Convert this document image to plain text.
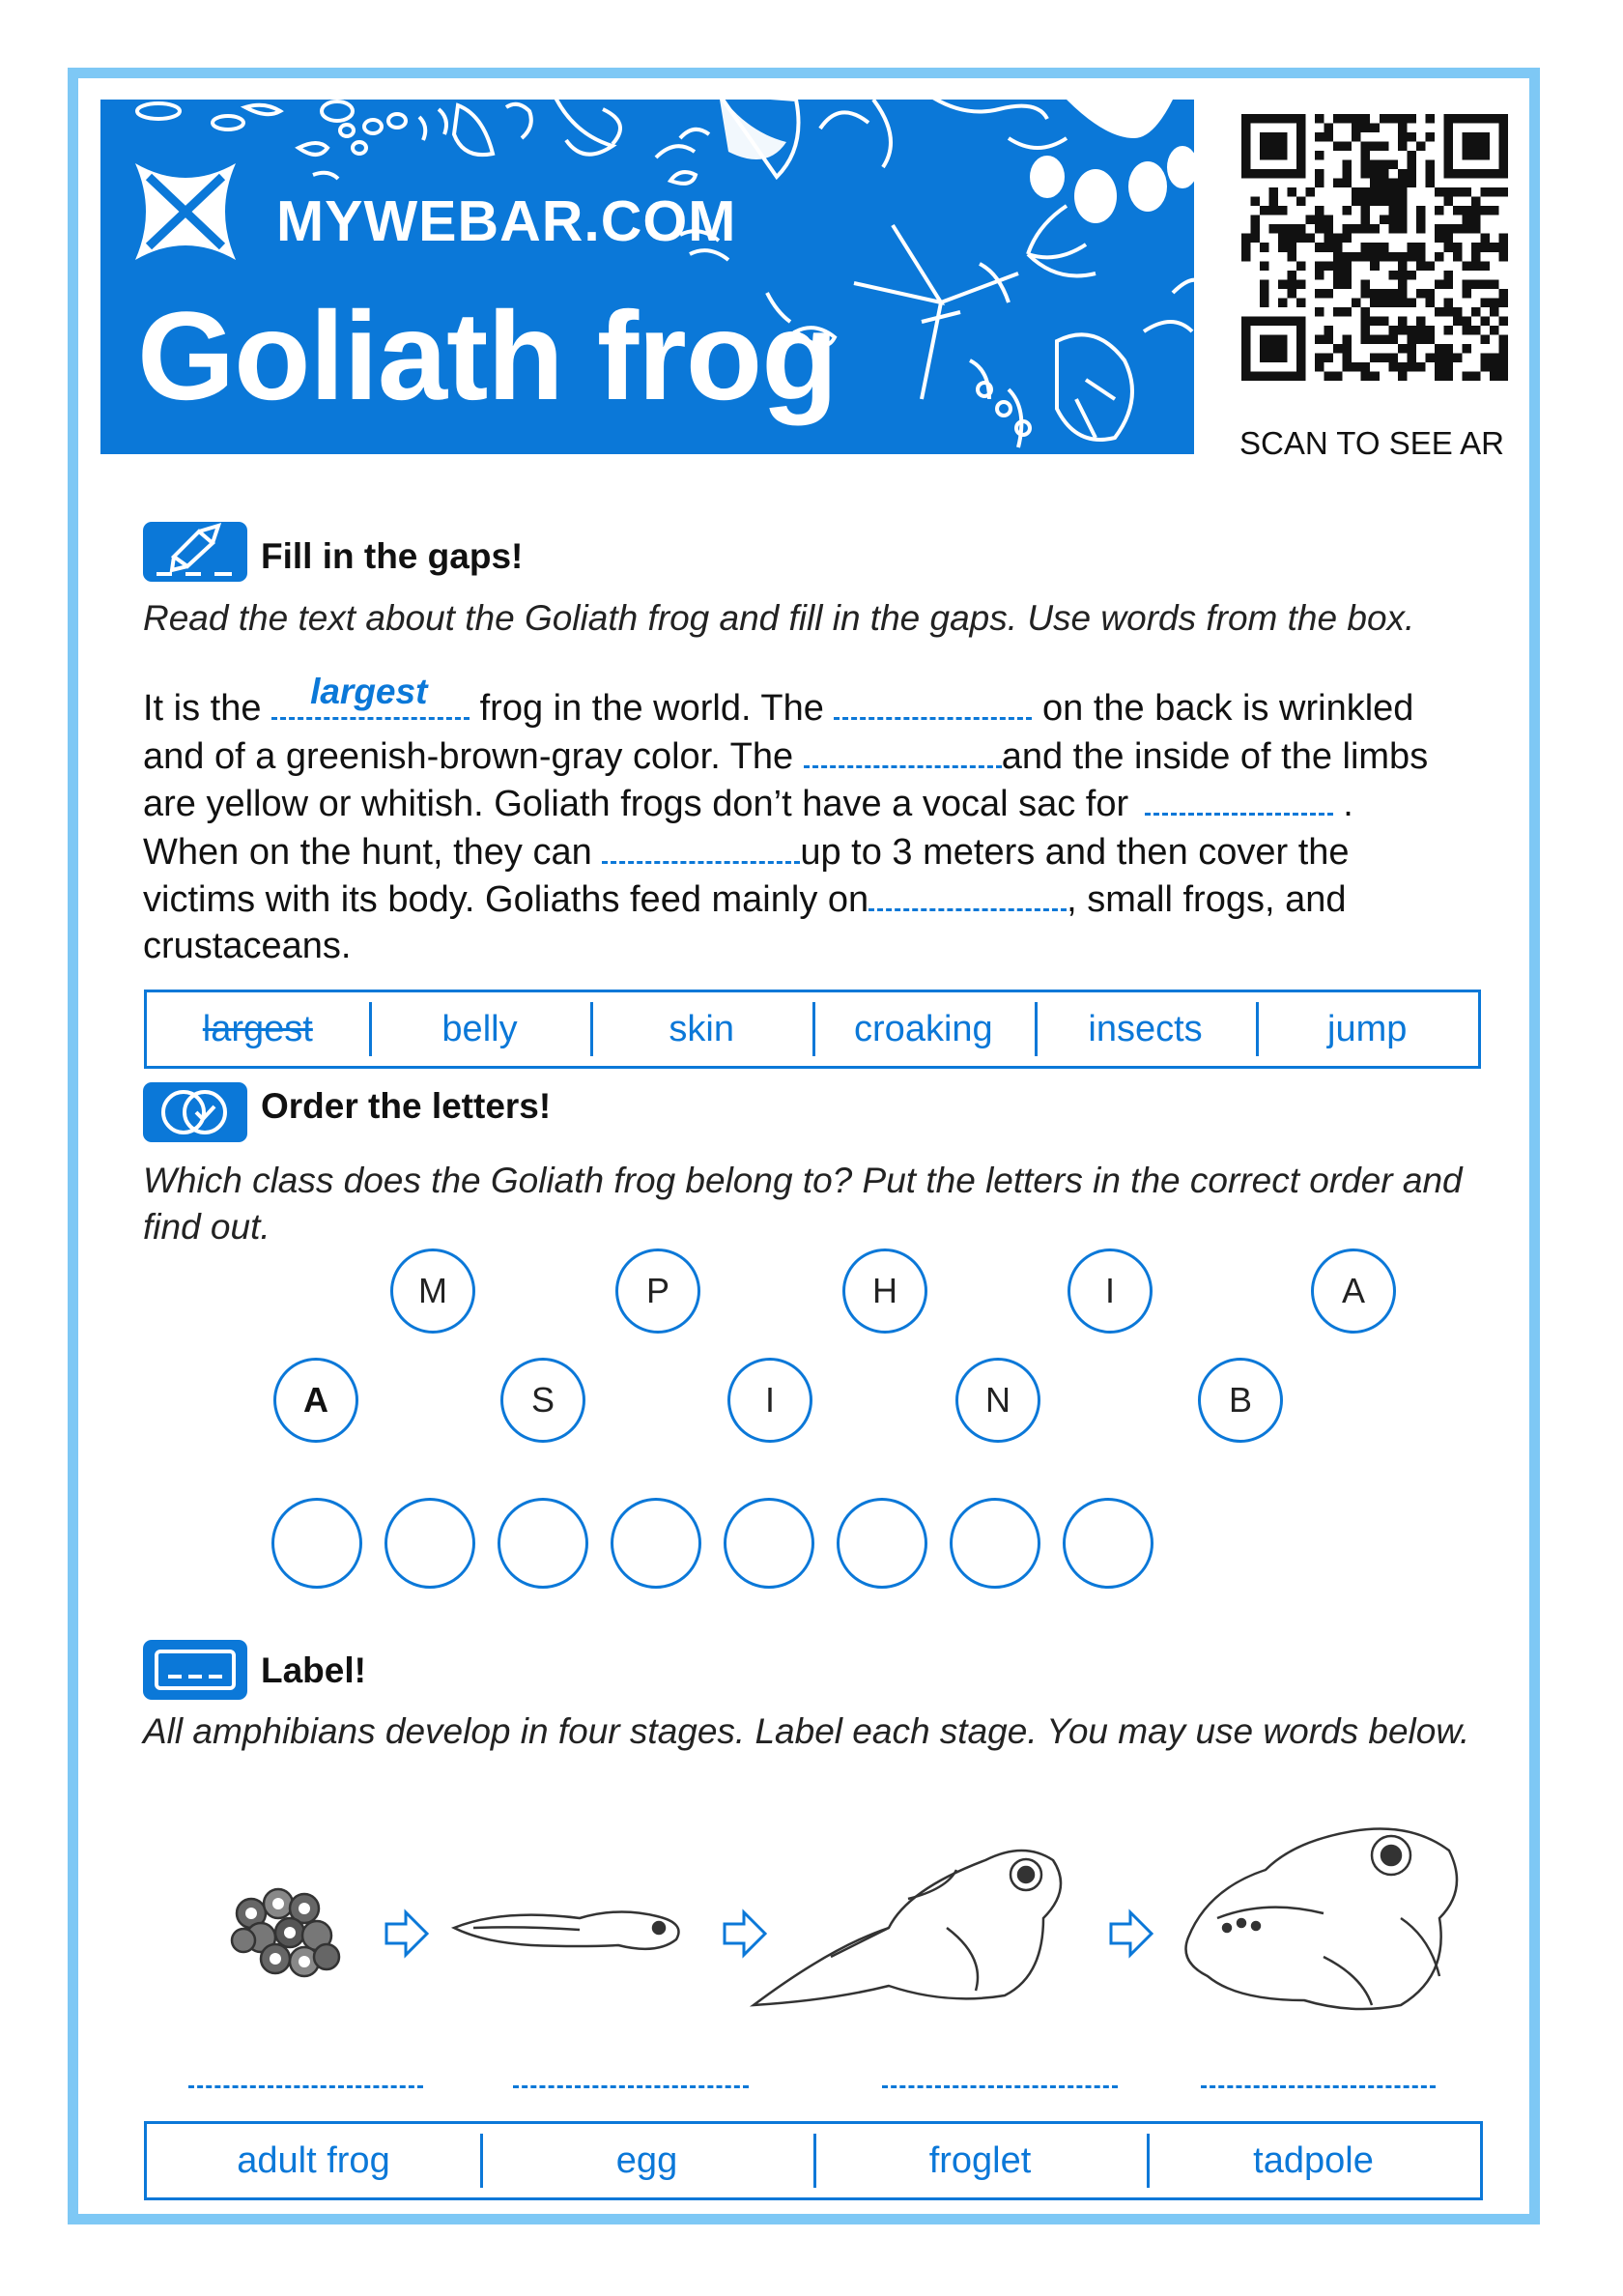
MYWEBAR.COM
Goliath frog
SCAN TO SEE AR
Fill in the gaps!
Read the text about the Goliath frog and fill in the gaps. Use words from the box.
It is the largest frog in the world. The	on the back is wrinkled
and of a greenish-brown-gray color. The	and the inside of the limbs
are yellow or whitish. Goliath frogs don’t have a vocal sac for	.
When on the hunt, they can	up to 3 meters and then cover the
victims with its body. Goliaths feed mainly on	, small frogs, and
crustaceans.
largest	belly	skin	croaking	insects	jump
Order the letters!
Which class does the Goliath frog belong to? Put the letters in the correct order and find out.
M	P	H	I	A
A	S	I	N	B
Label!
All amphibians develop in four stages. Label each stage. You may use words below.
adult frog	egg	froglet	tadpole
